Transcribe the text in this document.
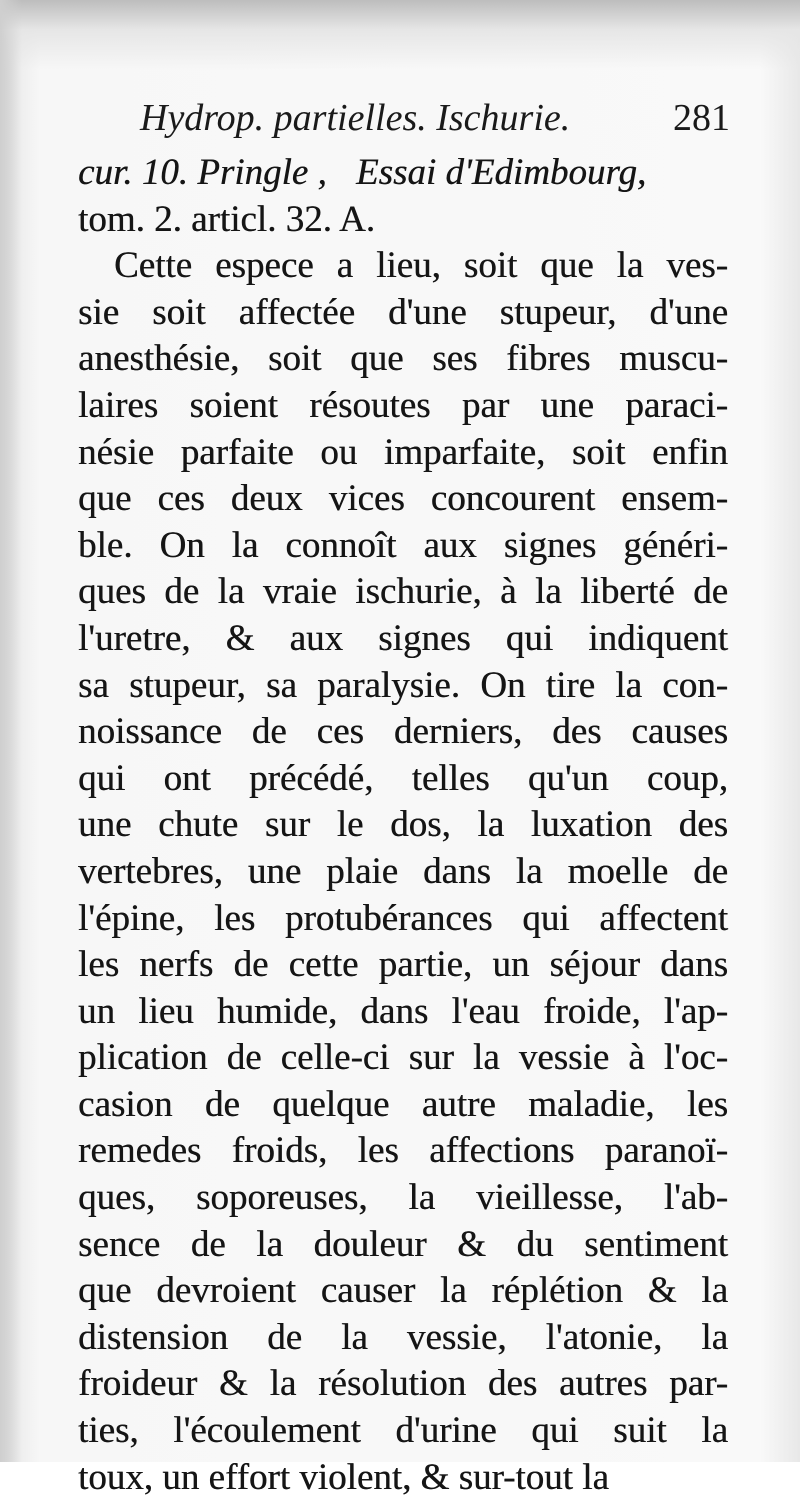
Hydrop. partielles. Ischurie.	281
cur. 10. Pringle , Essai d'Edimbourg,
tom. 2. articl. 32. A.
Cette espece a lieu, soit que la ves-
sie soit affectée d'une stupeur, d'une
anesthésie, soit que ses fibres muscu-
laires soient résoutes par une paraci-
nésie parfaite ou imparfaite, soit enfin
que ces deux vices concourent ensem-
ble. On la connoît aux signes généri-
ques de la vraie ischurie, à la liberté de
l'uretre, & aux signes qui indiquent
sa stupeur, sa paralysie. On tire la con-
noissance de ces derniers, des causes
qui ont précédé, telles qu'un coup,
une chute sur le dos, la luxation des
vertebres, une plaie dans la moelle de
l'épine, les protubérances qui affectent
les nerfs de cette partie, un séjour dans
un lieu humide, dans l'eau froide, l'ap-
plication de celle-ci sur la vessie à l'oc-
casion de quelque autre maladie, les
remedes froids, les affections paranoï-
ques, soporeuses, la vieillesse, l'ab-
sence de la douleur & du sentiment
que devroient causer la réplétion & la
distension de la vessie, l'atonie, la
froideur & la résolution des autres par-
ties, l'écoulement d'urine qui suit la
toux, un effort violent, & sur-tout la
